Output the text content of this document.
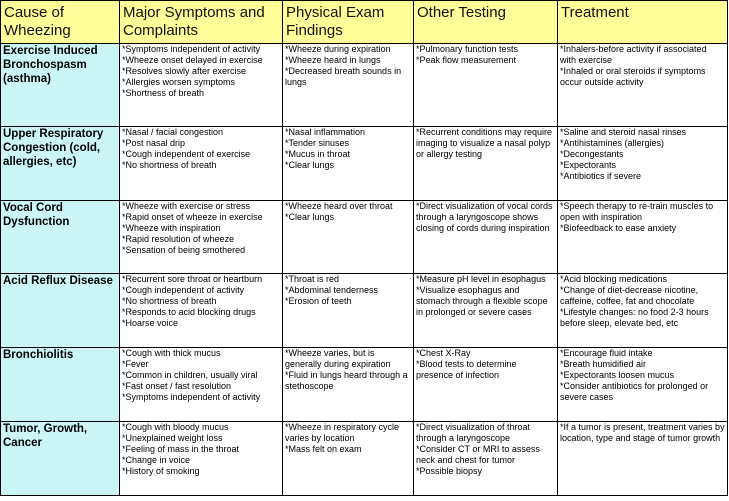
Cause of Wheezing	Major Symptoms and Complaints	Physical Exam Findings	Other Testing	Treatment
Exercise Induced Bronchospasm (asthma)	*Symptoms independent of activity
*Wheeze onset delayed in exercise
*Resolves slowly after exercise
*Allergies worsen symptoms
*Shortness of breath	*Wheeze during expiration
*Wheeze heard in lungs
*Decreased breath sounds in lungs	*Pulmonary function tests
*Peak flow measurement	*Inhalers-before activity if associated with exercise
*Inhaled or oral steroids if symptoms occur outside activity

Upper Respiratory Congestion (cold, allergies, etc)	*Nasal / facial congestion
*Post nasal drip
*Cough independent of exercise
*No shortness of breath	*Nasal inflammation
*Tender sinuses
*Mucus in throat
*Clear lungs	*Recurrent conditions may require imaging to visualize a nasal polyp or allergy testing	*Saline and steroid nasal rinses
*Antihistamines (allergies)
*Decongestants
*Expectorants
*Antibiotics if severe

Vocal Cord Dysfunction	*Wheeze with exercise or stress
*Rapid onset of wheeze in exercise
*Wheeze with inspiration
*Rapid resolution of wheeze
*Sensation of being smothered	*Wheeze heard over throat
*Clear lungs	*Direct visualization of vocal cords through a laryngoscope shows closing of cords during inspiration	*Speech therapy to re-train muscles to open with inspiration
*Biofeedback to ease anxiety

Acid Reflux Disease	*Recurrent sore throat or heartburn
*Cough independent of activity
*No shortness of breath
*Responds to acid blocking drugs
*Hoarse voice	*Throat is red
*Abdominal tenderness
*Erosion of teeth	*Measure pH level in esophagus *Visualize esophagus and stomach through a flexible scope in prolonged or severe cases	*Acid blocking medications
*Change of diet-decrease nicotine, caffeine, coffee, fat and chocolate
*Lifestyle changes: no food 2-3 hours before sleep, elevate bed, etc

Bronchiolitis	*Cough with thick mucus
*Fever
*Common in children, usually viral
*Fast onset / fast resolution
*Symptoms independent of activity	*Wheeze varies, but is generally during expiration
*Fluid in lungs heard through a stethoscope	*Chest X-Ray
*Blood tests to determine presence of infection	*Encourage fluid intake
*Breath humidified air
*Expectorants loosen mucus
*Consider antibiotics for prolonged or severe cases

Tumor, Growth, Cancer	*Cough with bloody mucus
*Unexplained weight loss
*Feeling of mass in the throat
*Change in voice
*History of smoking	*Wheeze in respiratory cycle varies by location
*Mass felt on exam	*Direct visualization of throat through a laryngoscope
*Consider CT or MRI to assess neck and chest for tumor
*Possible biopsy	*If a tumor is present, treatment varies by location, type and stage of tumor growth
